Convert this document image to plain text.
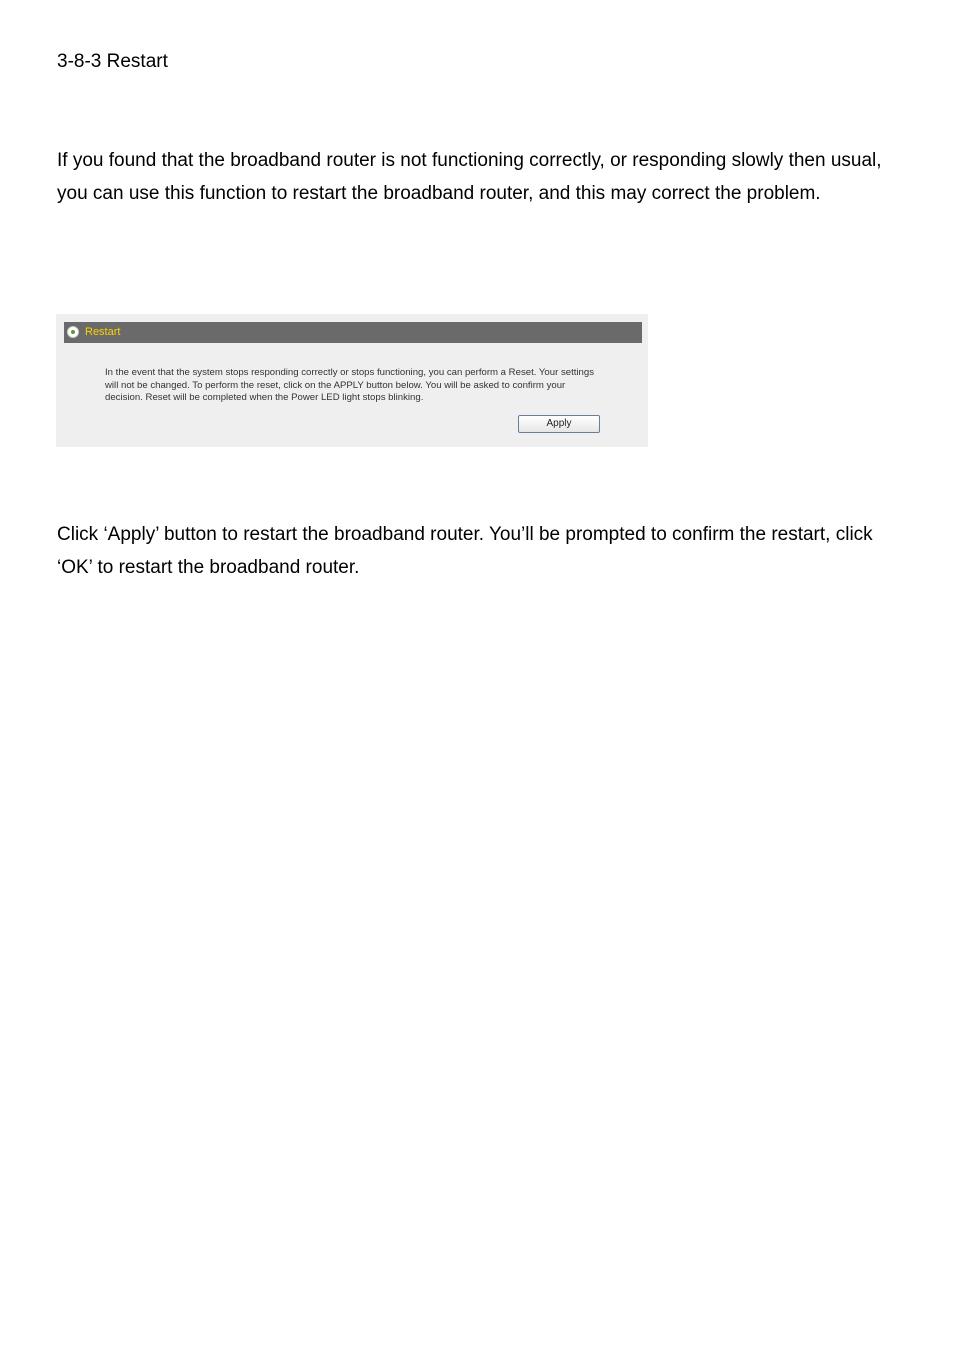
3-8-3 Restart

If you found that the broadband router is not functioning correctly, or responding slowly then usual, you can use this function to restart the broadband router, and this may correct the problem.

Restart

In the event that the system stops responding correctly or stops functioning, you can perform a Reset. Your settings will not be changed. To perform the reset, click on the APPLY button below. You will be asked to confirm your decision. Reset will be completed when the Power LED light stops blinking.

Apply

Click ‘Apply’ button to restart the broadband router. You’ll be prompted to confirm the restart, click ‘OK’ to restart the broadband router.
